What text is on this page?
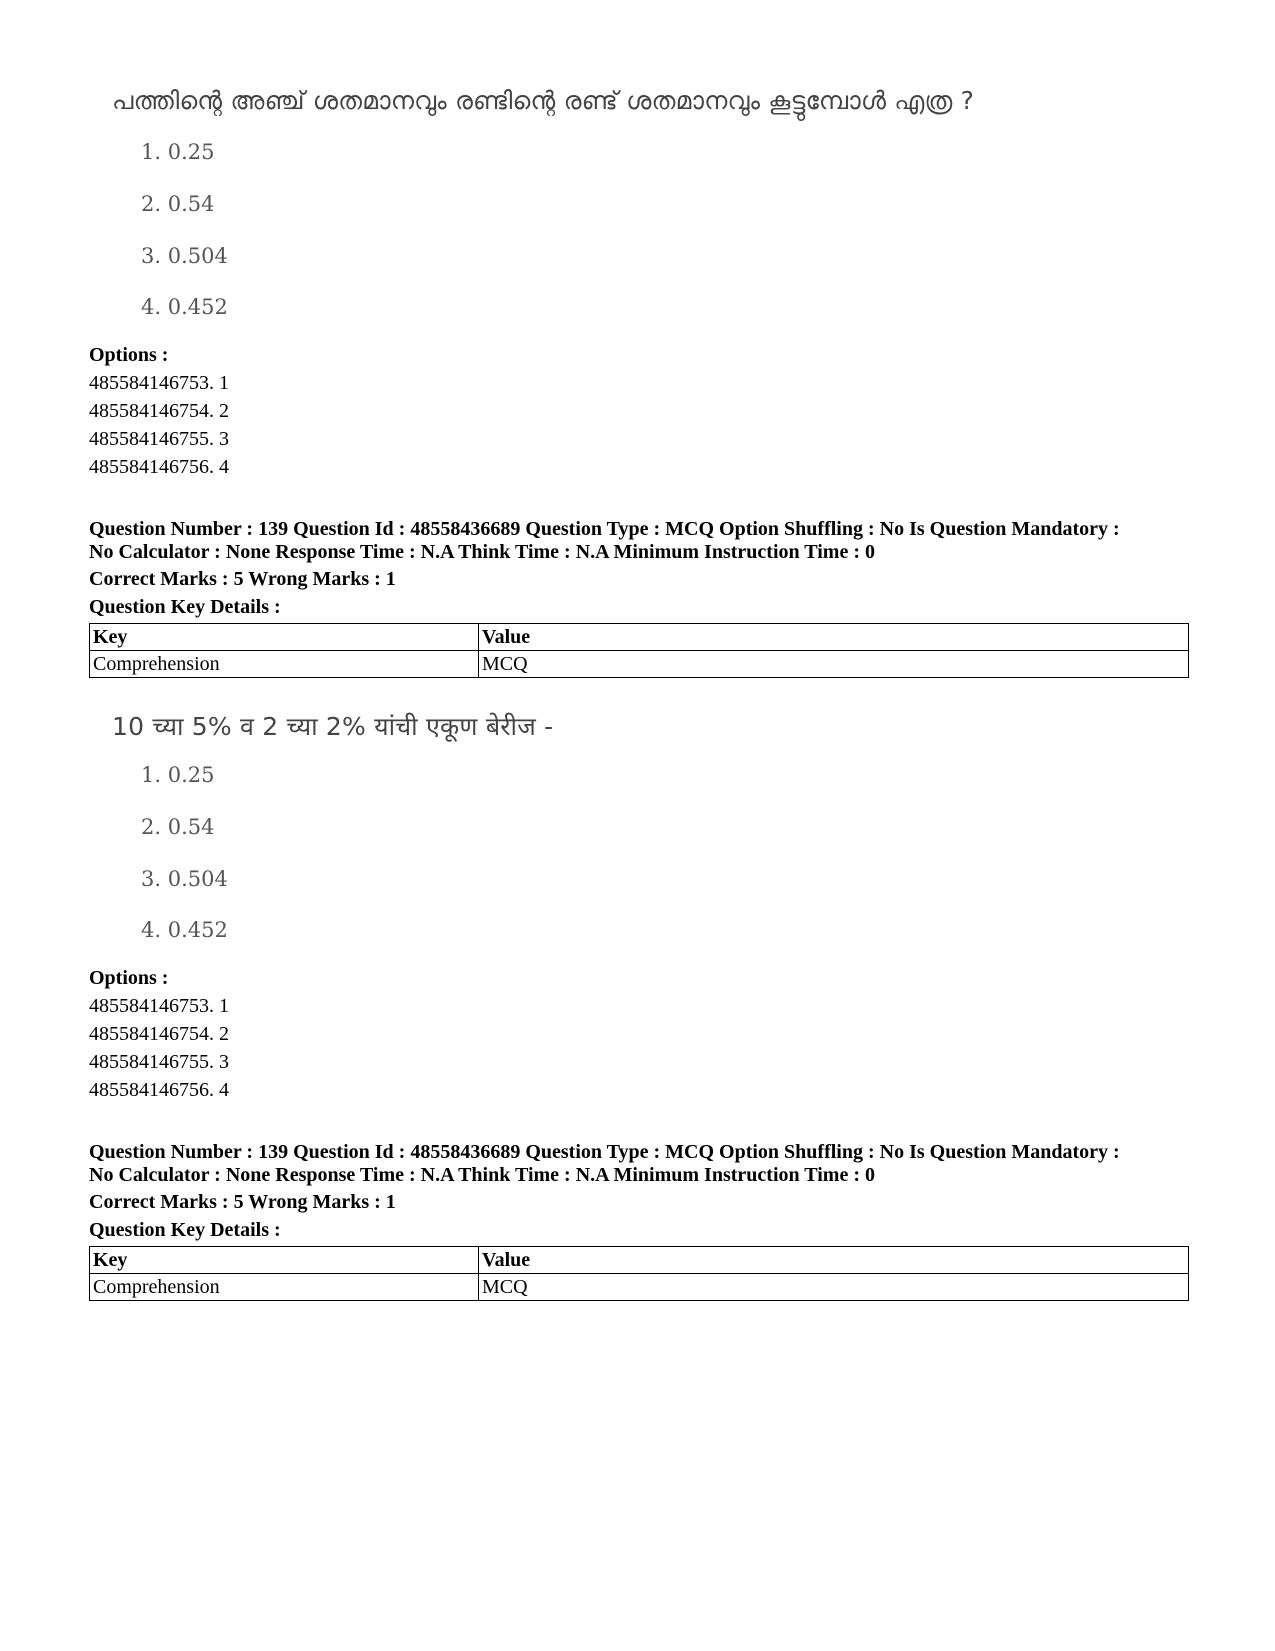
പത്തിന്റെ അഞ്ച് ശതമാനവും രണ്ടിന്റെ രണ്ട് ശതമാനവും കൂട്ടുമ്പോൾ എത്ര ?
1. 0.25
2. 0.54
3. 0.504
4. 0.452
Options :
485584146753. 1
485584146754. 2
485584146755. 3
485584146756. 4
Question Number : 139 Question Id : 48558436689 Question Type : MCQ Option Shuffling : No Is Question Mandatory :
No Calculator : None Response Time : N.A Think Time : N.A Minimum Instruction Time : 0
Correct Marks : 5 Wrong Marks : 1
Question Key Details :
Key	Value
Comprehension	MCQ
10 च्या 5% व 2 च्या 2% यांची एकूण बेरीज -
1. 0.25
2. 0.54
3. 0.504
4. 0.452
Options :
485584146753. 1
485584146754. 2
485584146755. 3
485584146756. 4
Question Number : 139 Question Id : 48558436689 Question Type : MCQ Option Shuffling : No Is Question Mandatory :
No Calculator : None Response Time : N.A Think Time : N.A Minimum Instruction Time : 0
Correct Marks : 5 Wrong Marks : 1
Question Key Details :
Key	Value
Comprehension	MCQ
